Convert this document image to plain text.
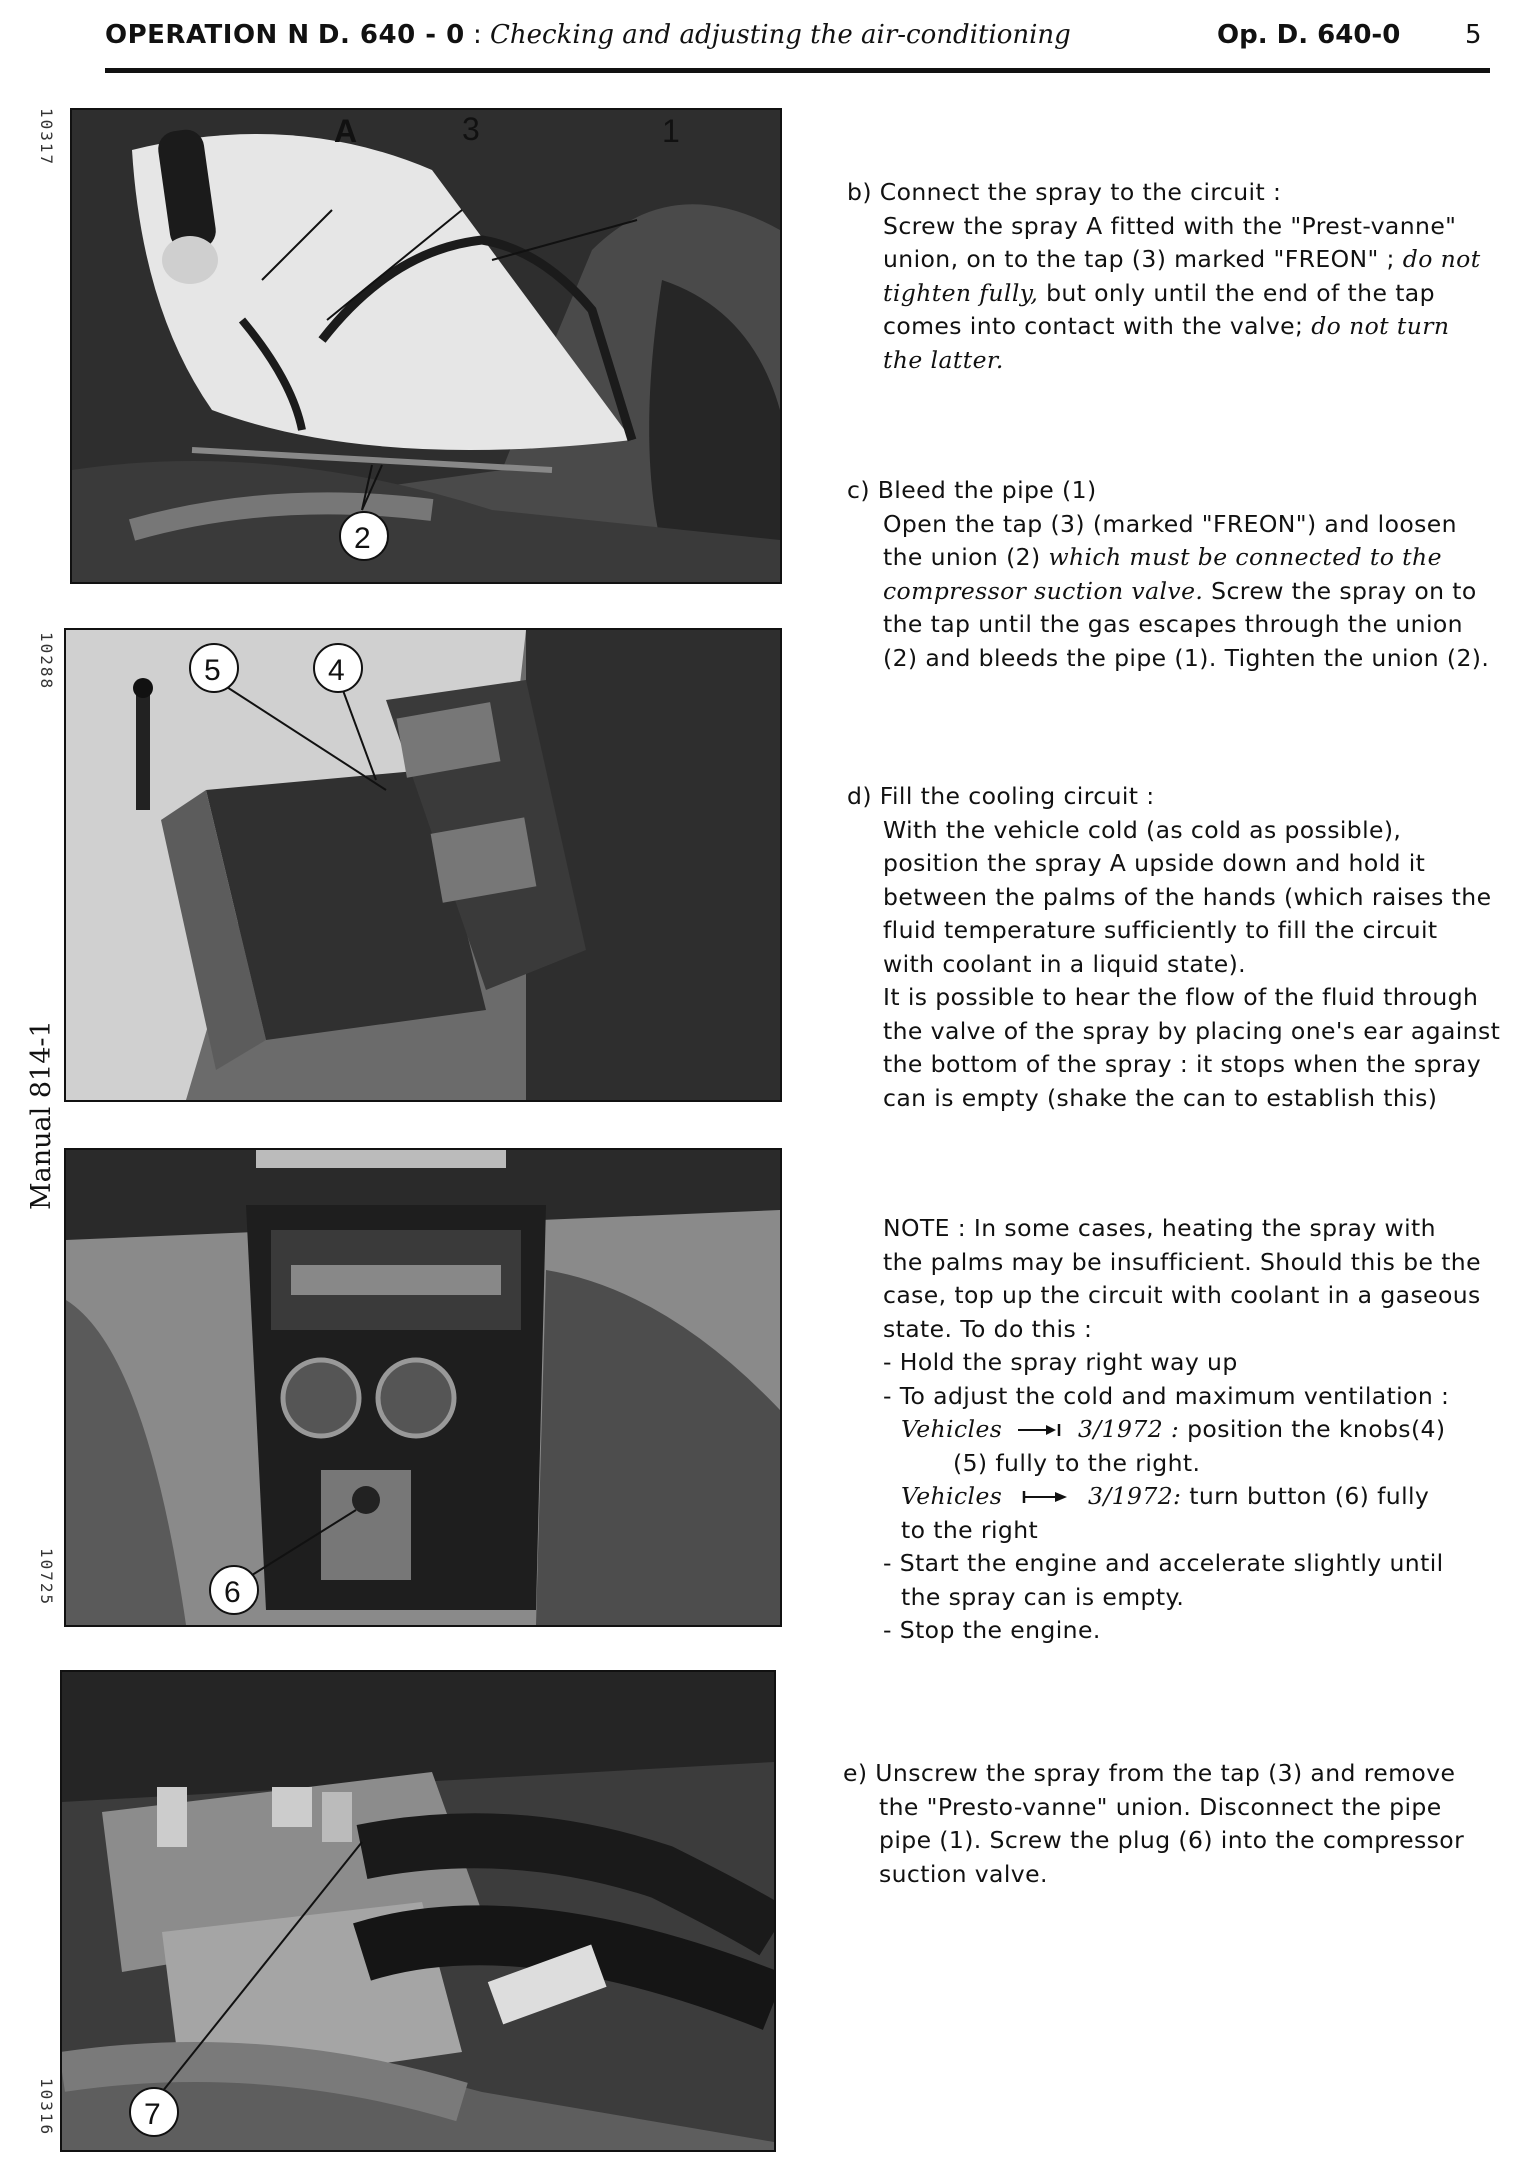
OPERATION N D. 640 - 0 : Checking and adjusting the air-conditioning	Op. D. 640-0 5
10317
10288
10725
10316
Manual 814-1
A	3	1
2
5	4
6
7

b) Connect the spray to the circuit :

Screw the spray A fitted with the "Prest-vanne"

union, on to the tap (3) marked "FREON" ; do not

tighten fully, but only until the end of the tap

comes into contact with the valve; do not turn

the latter.

c) Bleed the pipe (1)

Open the tap (3) (marked "FREON") and loosen

the union (2) which must be connected to the

compressor suction valve. Screw the spray on to

the tap until the gas escapes through the union

(2) and bleeds the pipe (1). Tighten the union (2).

d) Fill the cooling circuit :

With the vehicle cold (as cold as possible),

position the spray A upside down and hold it

between the palms of the hands (which raises the

fluid temperature sufficiently to fill the circuit

with coolant in a liquid state).

It is possible to hear the flow of the fluid through

the valve of the spray by placing one's ear against

the bottom of the spray : it stops when the spray

can is empty (shake the can to establish this)

NOTE : In some cases, heating the spray with

the palms may be insufficient. Should this be the

case, top up the circuit with coolant in a gaseous

state. To do this :

- Hold the spray right way up

- To adjust the cold and maximum ventilation :

Vehicles	3/1972 : position the knobs(4)

(5) fully to the right.

Vehicles	3/1972: turn button (6) fully

to the right

- Start the engine and accelerate slightly until

the spray can is empty.

- Stop the engine.

e) Unscrew the spray from the tap (3) and remove

the "Presto-vanne" union. Disconnect the pipe

pipe (1). Screw the plug (6) into the compressor

suction valve.
